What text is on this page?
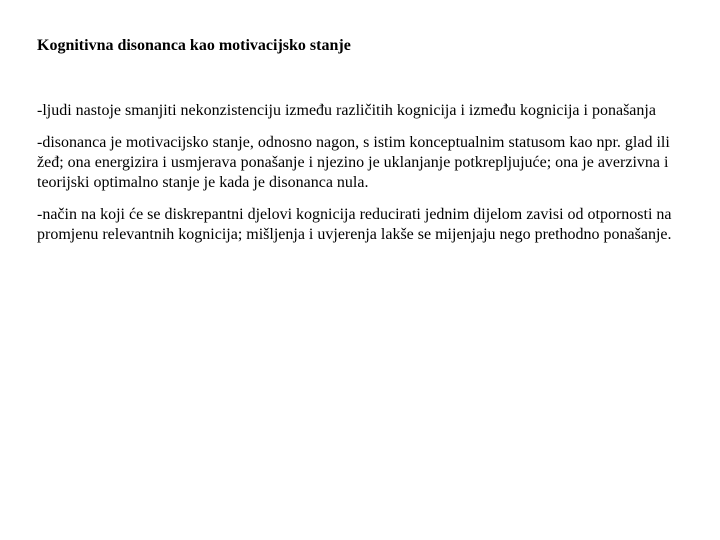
Kognitivna disonanca kao motivacijsko stanje

-ljudi nastoje smanjiti nekonzistenciju između različitih kognicija i između kognicija i ponašanja

-disonanca je motivacijsko stanje, odnosno nagon, s istim konceptualnim statusom kao npr. glad ili žeđ; ona energizira i usmjerava ponašanje i njezino je uklanjanje potkrepljujuće; ona je averzivna i teorijski optimalno stanje je kada je disonanca nula.

-način na koji će se diskrepantni djelovi kognicija reducirati jednim dijelom zavisi od otpornosti na promjenu relevantnih kognicija; mišljenja i uvjerenja lakše se mijenjaju nego prethodno ponašanje.
